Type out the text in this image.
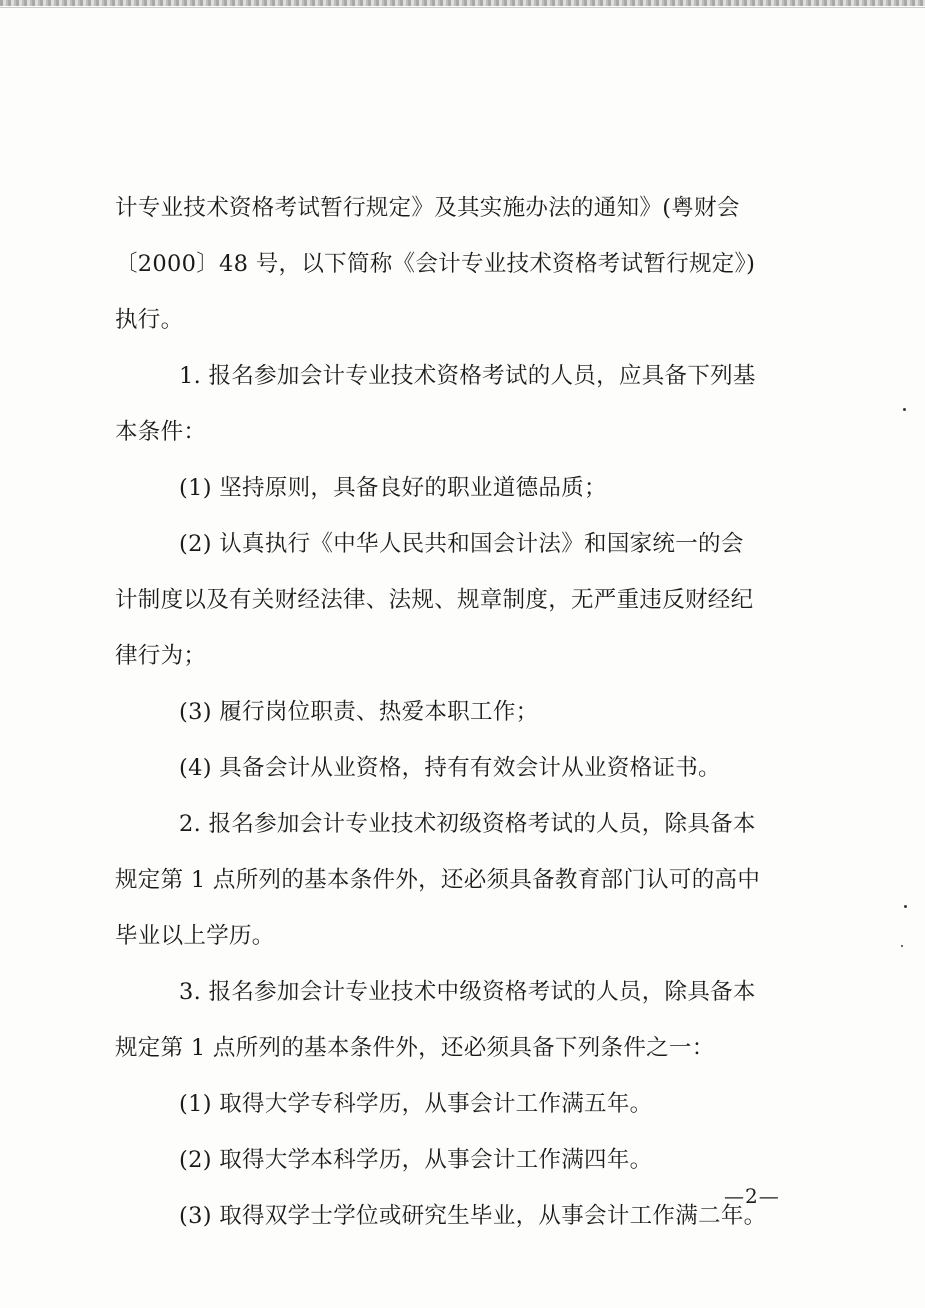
计专业技术资格考试暂行规定》及其实施办法的通知》(粤财会
〔2000〕48 号，以下简称《会计专业技术资格考试暂行规定》)
执行。
1. 报名参加会计专业技术资格考试的人员，应具备下列基
本条件：
(1) 坚持原则，具备良好的职业道德品质；
(2) 认真执行《中华人民共和国会计法》和国家统一的会
计制度以及有关财经法律、法规、规章制度，无严重违反财经纪
律行为；
(3) 履行岗位职责、热爱本职工作；
(4) 具备会计从业资格，持有有效会计从业资格证书。
2. 报名参加会计专业技术初级资格考试的人员，除具备本
规定第 1 点所列的基本条件外，还必须具备教育部门认可的高中
毕业以上学历。
3. 报名参加会计专业技术中级资格考试的人员，除具备本
规定第 1 点所列的基本条件外，还必须具备下列条件之一：
(1) 取得大学专科学历，从事会计工作满五年。
(2) 取得大学本科学历，从事会计工作满四年。
(3) 取得双学士学位或研究生毕业，从事会计工作满二年。
—2—
